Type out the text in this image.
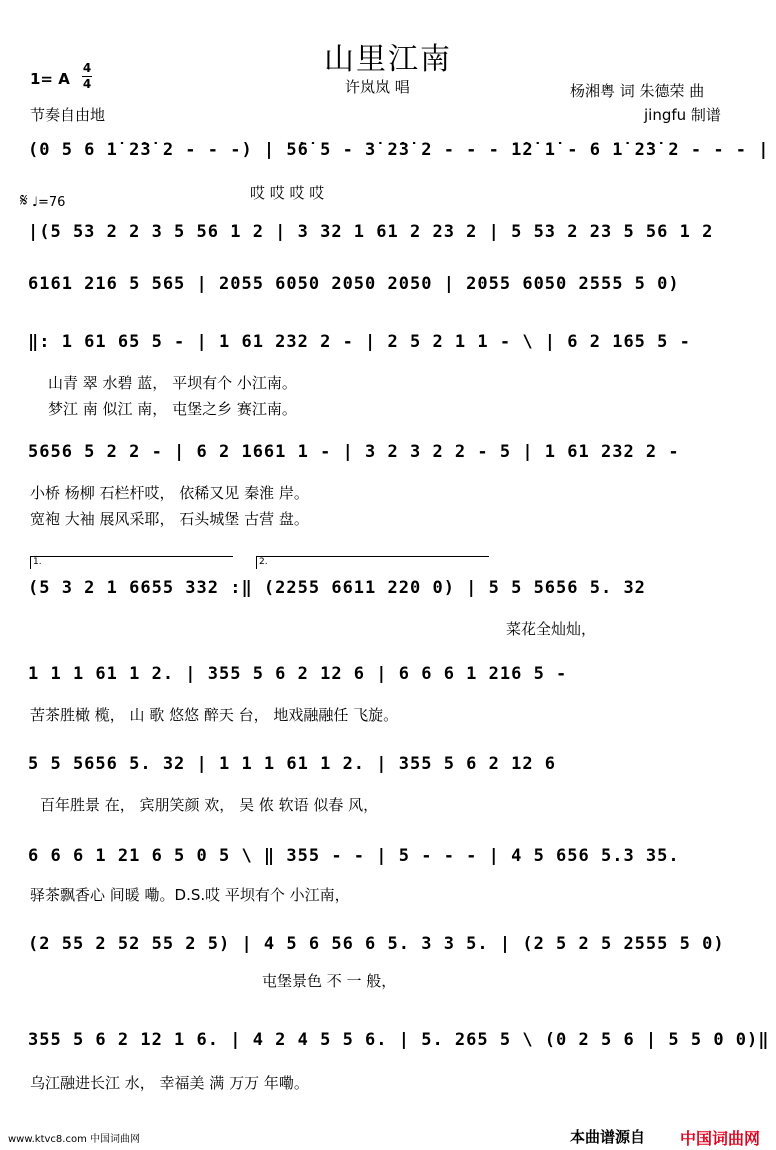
山里江南
许岚岚 唱
1= A
4
4	杨湘粤 词 朱德荣 曲
jingfu 制谱
节奏自由地
𝄋 ♩=76
(0 5 6 1̇ 2̇3̇ 2 - - -) | 5̇6̇ 5 - 3̇ 2̇3̇ 2 - - - 1̇2̇ 1̇ - 6 1̇ 2̇3̇ 2 - - - |
哎 哎 哎 哎
|(5 53 2 2 3 5 56 1 2 | 3 32 1 61 2 23 2 | 5 53 2 23 5 56 1 2
6161 216 5 565 | 2055 6050 2050 2050 | 2055 6050 2555 5 0)
‖: 1 61 65 5 - | 1 61 232 2 - | 2 5 2 1 1 - \ | 6 2 165 5 -
山青 翠 水碧 蓝， 平坝有个 小江南。
梦江 南 似江 南， 屯堡之乡 赛江南。
5656 5 2 2 - | 6 2 1661 1 - | 3 2 3 2 2 - 5 | 1 61 232 2 -
小桥 杨柳 石栏杆哎， 依稀又见 秦淮 岸。
宽袍 大袖 展风采耶， 石头城堡 古营 盘。
1.	2.
(5 3 2 1 6655 332 :‖ (2255 6611 220 0) | 5 5 5656 5. 32
菜花全灿灿，
1 1 1 61 1 2. | 355 5 6 2 12 6 | 6 6 6 1 216 5 -
苦茶胜橄 榄， 山 歌 悠悠 醉天 台， 地戏融融任 飞旋。
5 5 5656 5. 32 | 1 1 1 61 1 2. | 355 5 6 2 12 6
百年胜景 在， 宾朋笑颜 欢， 吴 侬 软语 似春 风，
6 6 6 1 21 6 5 0 5 \ ‖ 355 - - | 5 - - - | 4 5 656 5.3 35.
驿茶飘香心 间暖 嘞。D.S.哎 平坝有个 小江南，
(2 55 2 52 55 2 5) | 4 5 6 56 6 5. 3 3 5. | (2 5 2 5 2555 5 0)
屯堡景色 不 一 般，
355 5 6 2 12 1 6. | 4 2 4 5 5 6. | 5. 265 5 \ (0 2 5 6 | 5 5 0 0)‖
乌江融进长江 水， 幸福美 满 万万 年嘞。
www.ktvc8.com 中国词曲网	本曲谱源自 中国词曲网
